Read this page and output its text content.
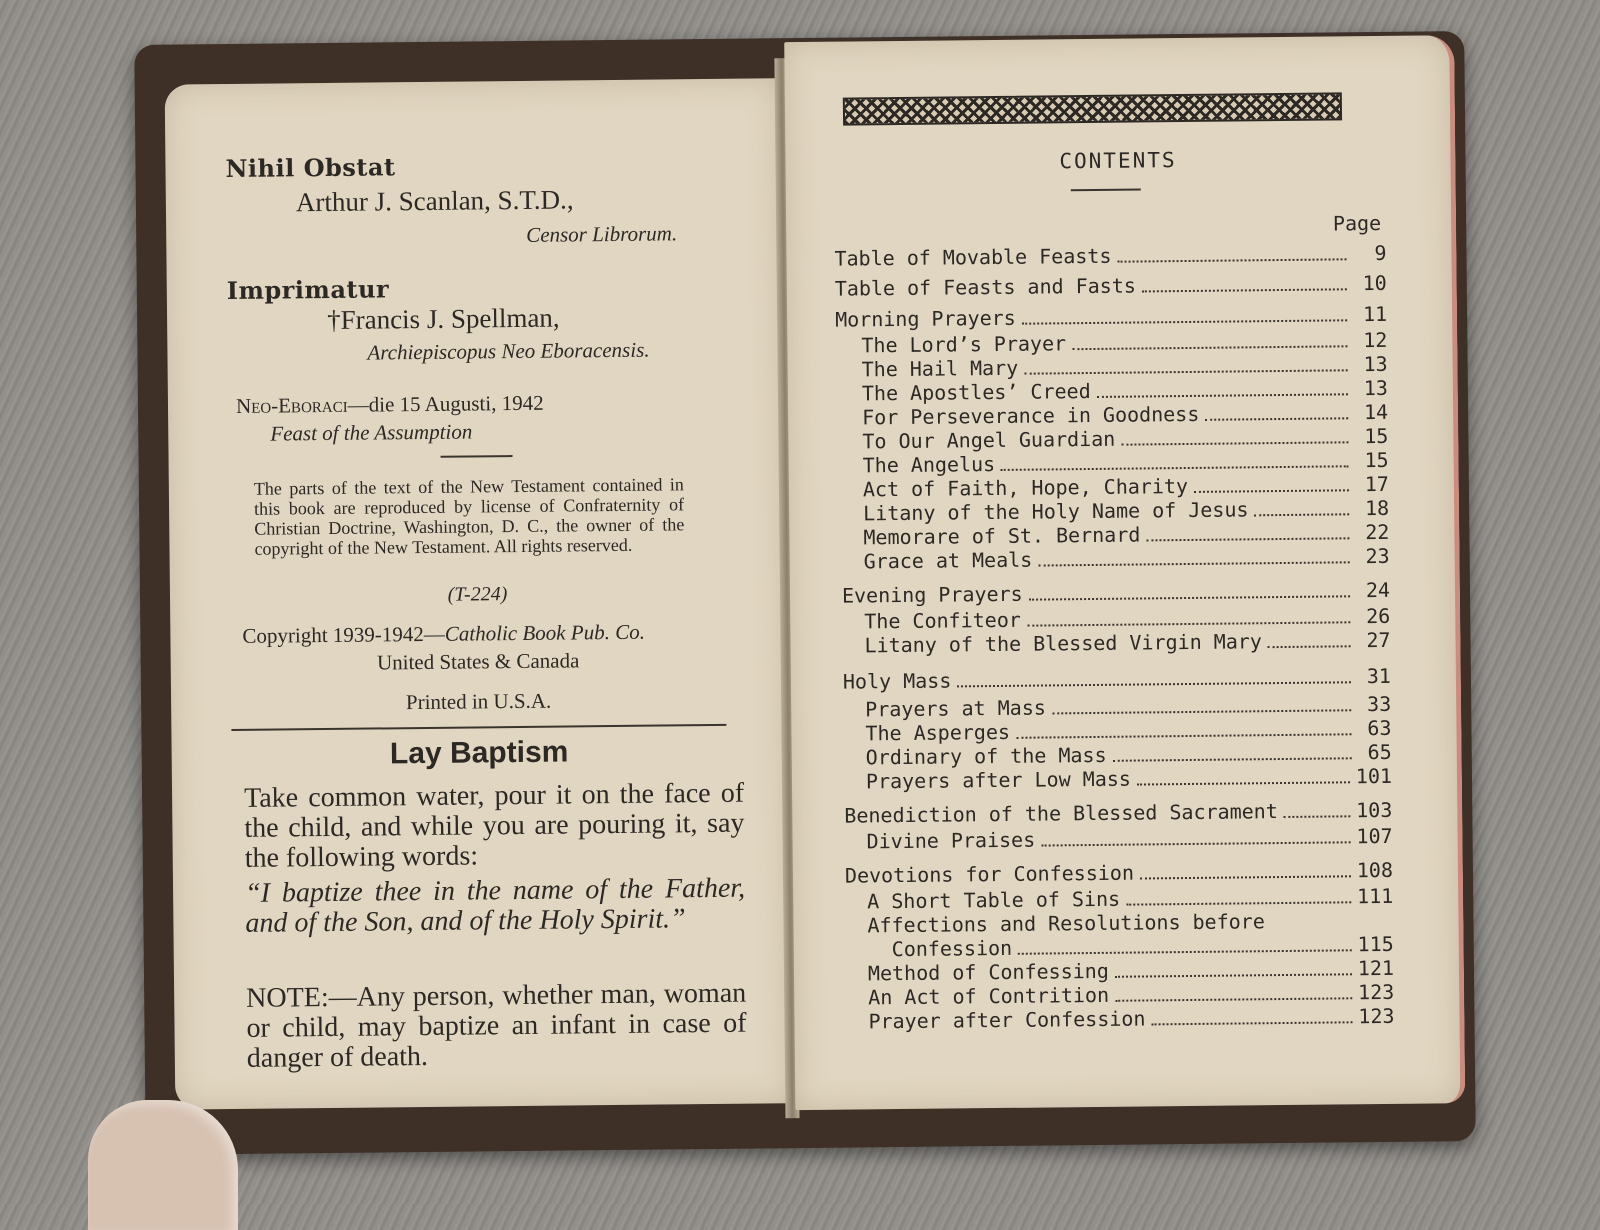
Nihil Obstat
Arthur J. Scanlan, S.T.D.,
Censor Librorum.
Imprimatur
†Francis J. Spellman,
Archiepiscopus Neo Eboracensis.
Neo-Eboraci—die 15 Augusti, 1942
Feast of the Assumption
The parts of the text of the New Testament contained in this book are reproduced by license of Confraternity of Christian Doctrine, Washington, D. C., the owner of the copyright of the New Testament. All rights reserved.
(T-224)
Copyright 1939-1942—Catholic Book Pub. Co.
United States & Canada
Printed in U.S.A.
Lay Baptism
Take common water, pour it on the face of the child, and while you are pouring it, say the following words:
“I baptize thee in the name of the Father, and of the Son, and of the Holy Spirit.”
NOTE:—Any person, whether man, woman or child, may baptize an infant in case of danger of death.
CONTENTS
Page
Table of Movable Feasts	9
Table of Feasts and Fasts	10
Morning Prayers	11
The Lord’s Prayer	12
The Hail Mary	13
The Apostles’ Creed	13
For Perseverance in Goodness	14
To Our Angel Guardian	15
The Angelus	15
Act of Faith, Hope, Charity	17
Litany of the Holy Name of Jesus	18
Memorare of St. Bernard	22
Grace at Meals	23
Evening Prayers	24
The Confiteor	26
Litany of the Blessed Virgin Mary	27
Holy Mass	31
Prayers at Mass	33
The Asperges	63
Ordinary of the Mass	65
Prayers after Low Mass	101
Benediction of the Blessed Sacrament	103
Divine Praises	107
Devotions for Confession	108
A Short Table of Sins	111
Affections and Resolutions before
Confession	115
Method of Confessing	121
An Act of Contrition	123
Prayer after Confession	123
